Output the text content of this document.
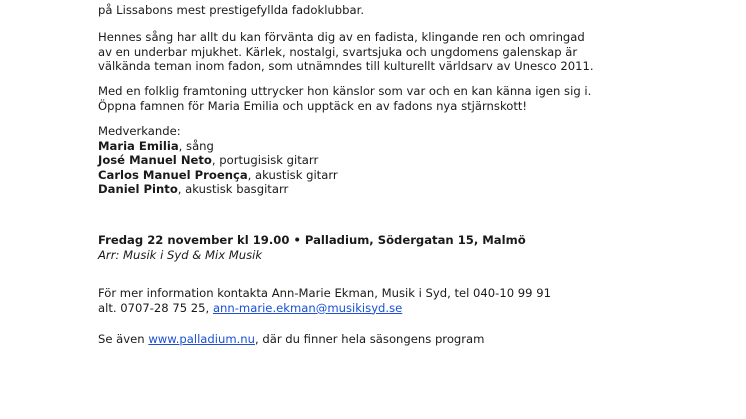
på Lissabons mest prestigefyllda fadoklubbar.
Hennes sång har allt du kan förvänta dig av en fadista, klingande ren och omringad
av en underbar mjukhet. Kärlek, nostalgi, svartsjuka och ungdomens galenskap är
välkända teman inom fadon, som utnämndes till kulturellt världsarv av Unesco 2011.
Med en folklig framtoning uttrycker hon känslor som var och en kan känna igen sig i.
Öppna famnen för Maria Emilia och upptäck en av fadons nya stjärnskott!
Medverkande:
Maria Emilia, sång
José Manuel Neto, portugisisk gitarr
Carlos Manuel Proença, akustisk gitarr
Daniel Pinto, akustisk basgitarr
Fredag 22 november kl 19.00 • Palladium, Södergatan 15, Malmö
Arr: Musik i Syd & Mix Musik
För mer information kontakta Ann-Marie Ekman, Musik i Syd, tel 040-10 99 91
alt. 0707-28 75 25, ann-marie.ekman@musikisyd.se
Se även www.palladium.nu, där du finner hela säsongens program
